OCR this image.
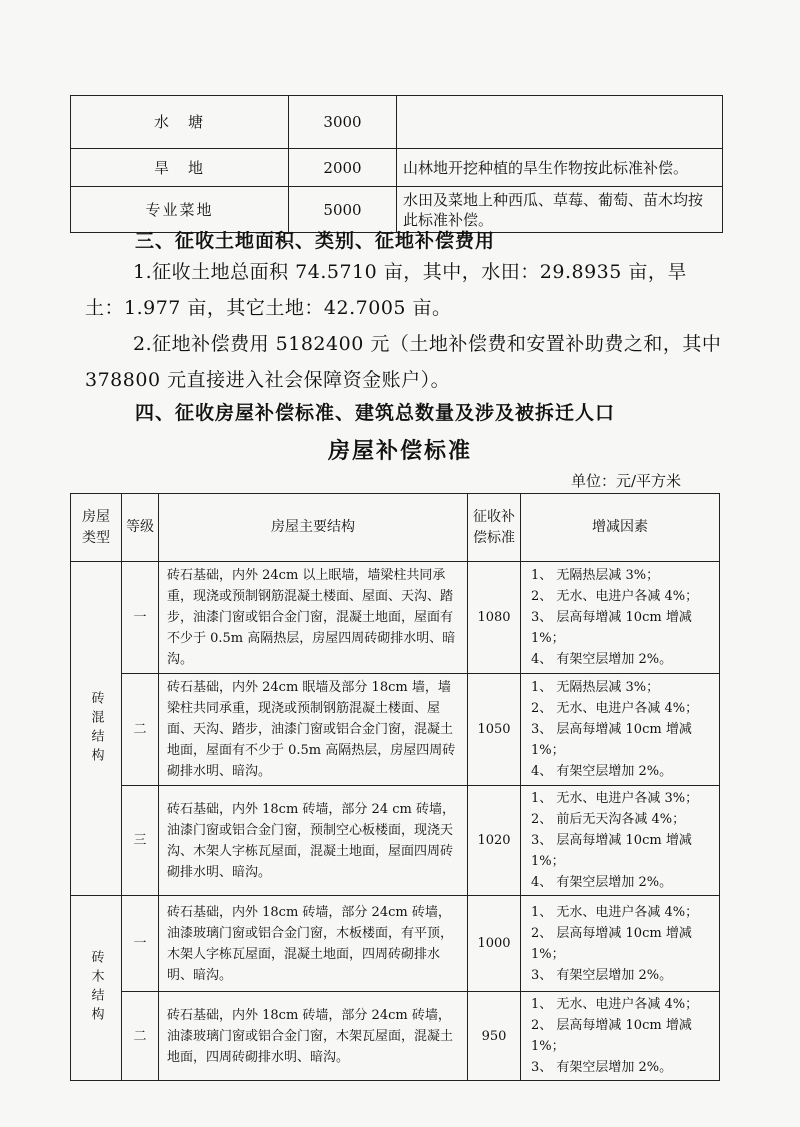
水　塘	3000	
旱　地	2000	山林地开挖种植的旱生作物按此标准补偿。
专业菜地	5000	水田及菜地上种西瓜、草莓、葡萄、苗木均按此标准补偿。
三、征收土地面积、类别、征地补偿费用
1.征收土地总面积 74.5710 亩，其中，水田：29.8935 亩，旱土：1.977 亩，其它土地：42.7005 亩。
2.征地补偿费用 5182400 元（土地补偿费和安置补助费之和，其中 378800 元直接进入社会保障资金账户）。
四、征收房屋补偿标准、建筑总数量及涉及被拆迁人口
房屋补偿标准
单位：元/平方米
房屋类型	等级	房屋主要结构	征收补偿标准	增减因素

砖混结构	一	砖石基础，内外 24cm 以上眠墙，墙梁柱共同承重，现浇或预制钢筋混凝土楼面、屋面、天沟、踏步，油漆门窗或铝合金门窗，混凝土地面，屋面有不少于 0.5m 高隔热层，房屋四周砖砌排水明、暗沟。	1080	1、 无隔热层减 3%；
2、 无水、电进户各减 4%；
3、 层高每增减 10cm 增减 1%；
4、 有架空层增加 2%。

	二	砖石基础，内外 24cm 眠墙及部分 18cm 墙，墙梁柱共同承重，现浇或预制钢筋混凝土楼面、屋面、天沟、踏步，油漆门窗或铝合金门窗，混凝土地面，屋面有不少于 0.5m 高隔热层，房屋四周砖砌排水明、暗沟。	1050	1、 无隔热层减 3%；
2、 无水、电进户各减 4%；
3、 层高每增减 10cm 增减 1%；
4、 有架空层增加 2%。

	三	砖石基础，内外 18cm 砖墙，部分 24 cm 砖墙，油漆门窗或铝合金门窗，预制空心板楼面，现浇天沟、木架人字栋瓦屋面，混凝土地面，屋面四周砖砌排水明、暗沟。	1020	1、 无水、电进户各减 3%；
2、 前后无天沟各减 4%；
3、 层高每增减 10cm 增减 1%；
4、 有架空层增加 2%。

砖木结构	一	砖石基础，内外 18cm 砖墙，部分 24cm 砖墙，油漆玻璃门窗或铝合金门窗，木板楼面，有平顶，木架人字栋瓦屋面，混凝土地面，四周砖砌排水明、暗沟。	1000	1、 无水、电进户各减 4%；
2、 层高每增减 10cm 增减 1%；
3、 有架空层增加 2%。

	二	砖石基础，内外 18cm 砖墙，部分 24cm 砖墙，油漆玻璃门窗或铝合金门窗，木架瓦屋面，混凝土地面，四周砖砌排水明、暗沟。	950	1、 无水、电进户各减 4%；
2、 层高每增减 10cm 增减 1%；
3、 有架空层增加 2%。
